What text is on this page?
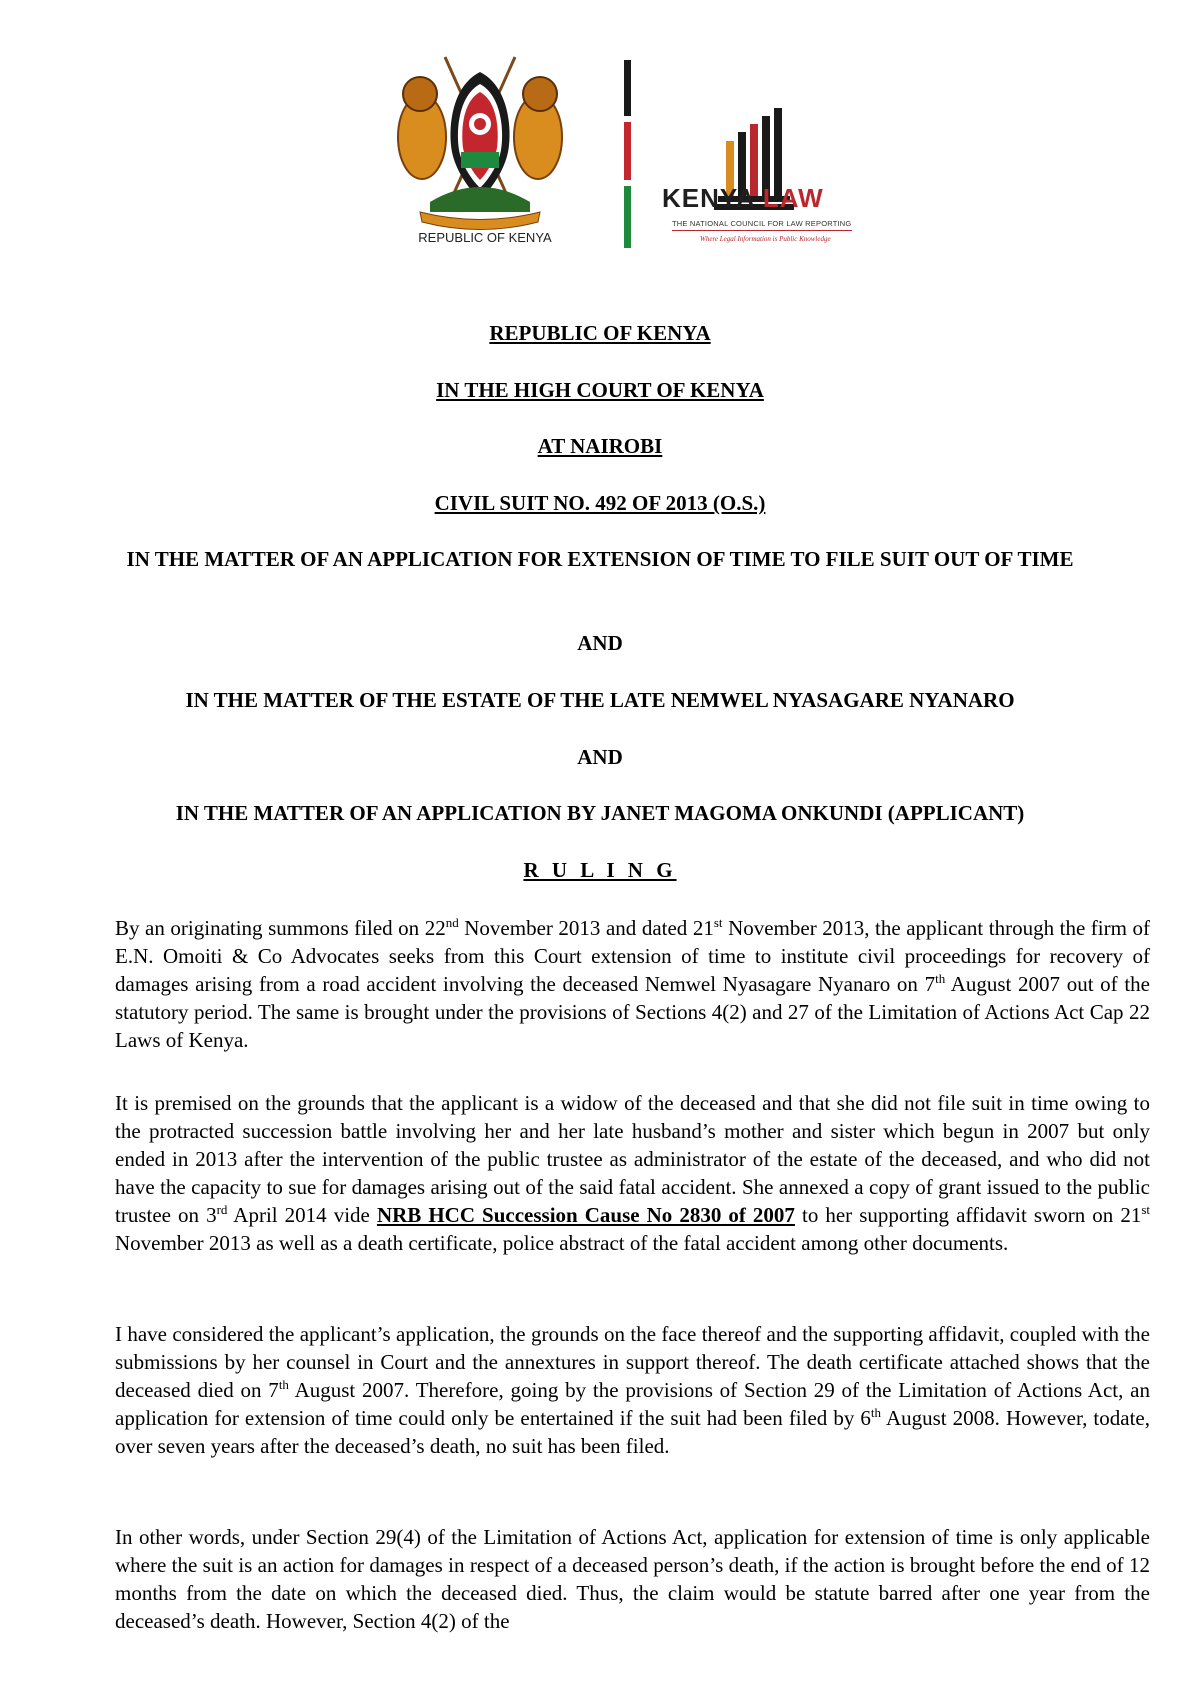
REPUBLIC OF KENYA
KENYA LAW
THE NATIONAL COUNCIL FOR LAW REPORTING
Where Legal Information is Public Knowledge
REPUBLIC OF KENYA
IN THE HIGH COURT OF KENYA
AT NAIROBI
CIVIL SUIT NO. 492 OF 2013 (O.S.)
IN THE MATTER OF AN APPLICATION FOR EXTENSION OF TIME TO FILE SUIT OUT OF TIME
AND
IN THE MATTER OF THE ESTATE OF THE LATE NEMWEL NYASAGARE NYANARO
AND
IN THE MATTER OF AN APPLICATION BY JANET MAGOMA ONKUNDI (APPLICANT)
R U L I N G
By an originating summons filed on 22nd November 2013 and dated 21st November 2013, the applicant through the firm of E.N. Omoiti & Co Advocates seeks from this Court extension of time to institute civil proceedings for recovery of damages arising from a road accident involving the deceased Nemwel Nyasagare Nyanaro on 7th August 2007 out of the statutory period. The same is brought under the provisions of Sections 4(2) and 27 of the Limitation of Actions Act Cap 22 Laws of Kenya.
It is premised on the grounds that the applicant is a widow of the deceased and that she did not file suit in time owing to the protracted succession battle involving her and her late husband’s mother and sister which begun in 2007 but only ended in 2013 after the intervention of the public trustee as administrator of the estate of the deceased, and who did not have the capacity to sue for damages arising out of the said fatal accident. She annexed a copy of grant issued to the public trustee on 3rd April 2014 vide NRB HCC Succession Cause No 2830 of 2007 to her supporting affidavit sworn on 21st November 2013 as well as a death certificate, police abstract of the fatal accident among other documents.
I have considered the applicant’s application, the grounds on the face thereof and the supporting affidavit, coupled with the submissions by her counsel in Court and the annextures in support thereof. The death certificate attached shows that the deceased died on 7th August 2007. Therefore, going by the provisions of Section 29 of the Limitation of Actions Act, an application for extension of time could only be entertained if the suit had been filed by 6th August 2008. However, todate, over seven years after the deceased’s death, no suit has been filed.
In other words, under Section 29(4) of the Limitation of Actions Act, application for extension of time is only applicable where the suit is an action for damages in respect of a deceased person’s death, if the action is brought before the end of 12 months from the date on which the deceased died. Thus, the claim would be statute barred after one year from the deceased’s death. However, Section 4(2) of the
